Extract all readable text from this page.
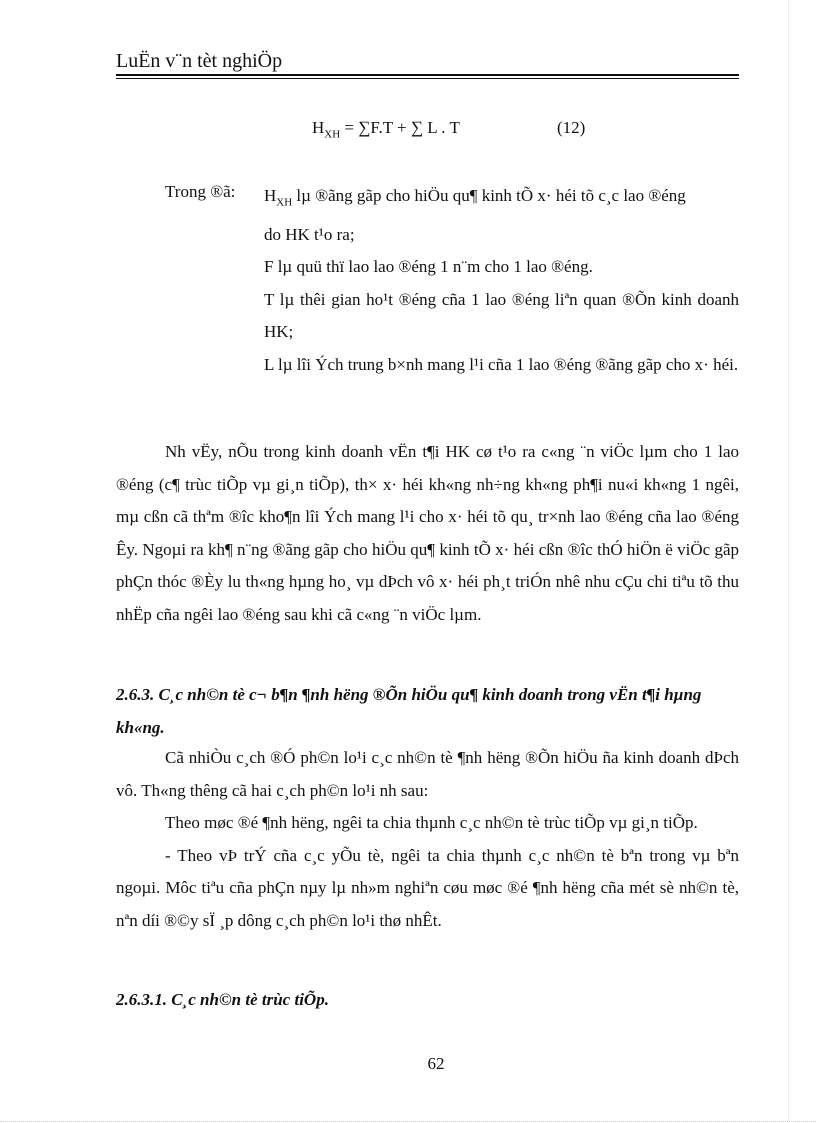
LuËn v¨n tèt nghiÖp
$H_{XH} = \sum F.T$ + ∑ L . T	(12)
Trong ®ã: $H_{XH}$ lµ ®ãng gãp cho hiÖu qu¶ kinh tÕ x· héi tõ c¸c lao ®éng
do HK t¹o ra;
F lµ quü thï lao lao ®éng 1 n¨m cho 1 lao ®éng.
T lµ thêi gian ho¹t ®éng cña 1 lao ®éng liªn quan ®Õn kinh doanh HK;
L lµ lîi Ých trung b×nh mang l¹i cña 1 lao ®éng ®ãng gãp cho x· héi.
Nh vËy, nÕu trong kinh doanh vËn t¶i HK cø t¹o ra c«ng ¨n viÖc lµm cho 1 lao ®éng (c¶ trùc tiÕp vµ gi¸n tiÕp), th× x· héi kh«ng nh÷ng kh«ng ph¶i nu«i kh«ng 1 ngêi, mµ cßn cã thªm ®îc kho¶n lîi Ých mang l¹i cho x· héi tõ qu¸ tr×nh lao ®éng cña lao ®éng Êy. Ngoµi ra kh¶ n¨ng ®ãng gãp cho hiÖu qu¶ kinh tÕ x· héi cßn ®îc thÓ hiÖn ë viÖc gãp phÇn thóc ®Èy lu th«ng hµng ho¸ vµ dÞch vô x· héi ph¸t triÓn nhê nhu cÇu chi tiªu tõ thu nhËp cña ngêi lao ®éng sau khi cã c«ng ¨n viÖc lµm.
2.6.3. C¸c nh©n tè c¬ b¶n ¶nh hëng ®Õn hiÖu qu¶ kinh doanh trong vËn t¶i hµng kh«ng.
Cã nhiÒu c¸ch ®Ó ph©n lo¹i c¸c nh©n tè ¶nh hëng ®Õn hiÖu ña kinh doanh dÞch vô. Th«ng thêng cã hai c¸ch ph©n lo¹i nh sau:
Theo møc ®é ¶nh hëng, ngêi ta chia thµnh c¸c nh©n tè trùc tiÕp vµ gi¸n tiÕp.
- Theo vÞ trÝ cña c¸c yÕu tè, ngêi ta chia thµnh c¸c nh©n tè bªn trong vµ bªn ngoµi. Môc tiªu cña phÇn nµy lµ nh»m nghiªn cøu møc ®é ¶nh hëng cña mét sè nh©n tè, nªn díi ®©y sÏ ¸p dông c¸ch ph©n lo¹i thø nhÊt.
2.6.3.1. C¸c nh©n tè trùc tiÕp.
62
